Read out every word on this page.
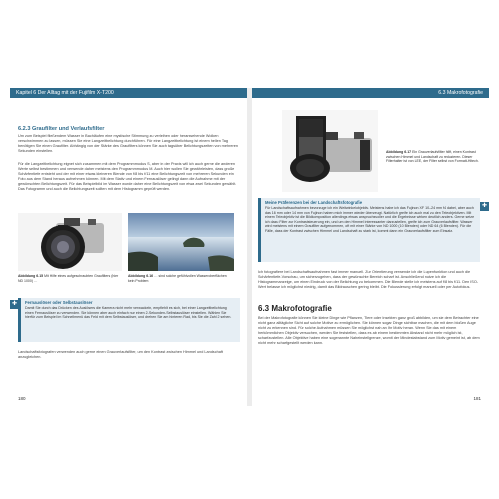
Kapitel 6 Der Alltag mit der Fujifilm X-T200
6.2.3 Graufilter und Verlaufsfilter
Um zum Beispiel fließendem Wasser in Bachläufen eine mystische Stimmung zu verleihen oder heranwehende Wolken verschwimmen zu lassen, müssen Sie eine Langzeitbelichtung durchführen. Für eine Langzeitbelichtung ist einem hellen Tag benötigen Sie einen Graufilter. Abhängig von der Stärke des Graufilters können Sie auch tagsüber Belichtungszeiten von mehreren Sekunden einstellen.
Für die Langzeitbelichtung eignet sich zusammen mit dem Programmmodus S, aber in der Praxis will ich auch gerne die anderen Werte selbst bestimmen und verwende daher meistens den Programmmodus M. Auch hier wollen Sie gewährleisten, dass große Schärfentiefe entsteht und der mit einer etwas kleineren Blende von f/8 bis f/11 eine Belichtungszeit von mehreren Sekunden ein Foto aus dem Stand heraus aufnehmen können. Mit dem Stativ und einem Fernauslöser gelingt dann die Aufnahme mit der gewünschten Belichtungszeit. Für das Beispielbild im Wasser wurde daher eine Belichtungszeit von etwa zwei Sekunden gewählt. Das Fotogramm und auch die Belichtungszeit sollten mit dem Histogramm geprüft werden.
Abbildung 6.15 Mit Hilfe eines aufgeschraubten Graufilters (hier ND 1000) …
Abbildung 6.16 … sind solche gefühlvollen Wasseroberflächen kein Problem
✚	Fernauslöser oder Selbstauslöser
Damit Sie durch das Drücken des Auslösers die Kamera nicht mehr verwackeln, empfiehlt es sich, bei einer Langzeitbelichtung einen Fernauslöser zu verwenden. Sie können aber auch einfach nur einen 2-Sekunden-Selbstauslöser einstellen. Wählen Sie hierfür zum Beispiel im Schnellmenü das Feld mit dem Selbstauslöser, und drehen Sie am hinteren Rad, bis Sie die Zahl 2 sehen.
Landschaftsfotografen verwenden auch gerne einen Grauverlaufsfilter, um den Kontrast zwischen Himmel und Landschaft anzugleichen.
180
6.3 Makrofotografie
Abbildung 6.17 Ein Grauverlaufsfilter hilft, einen Kontrast zwischen Himmel und Landschaft zu reduzieren. Dieser Filterhalter ist von LEE, der Filter selbst von Formatt-Hitech.
✚
Meine Präferenzen bei der Landschaftsfotografie
Für Landschaftsaufnahmen bevorzuge ich ein Weitwinkelobjektiv. Meistens habe ich das Fujinon XF 10–24 mm f4 dabei, aber auch das 16 mm oder 14 mm von Fujinon haben mich immer wieder überzeugt. Natürlich greife ich auch mal zu den Teleobjektiven. Mit einem Teleobjektiv ist die Bildkomposition allerdings etwas anspruchsvoller und die Ergebnisse wirken deutlich anders. Gerne setze ich dazu Filter zur Kontraststeuerung ein, und um den Himmel interessanter darzustellen, greife ich zum Grauverlaufsfilter. Wasser wird meistens mit einem Graufilter aufgenommen, oft mit einer Stärke von ND 1000 (10 Blenden) oder ND 64 (6 Blenden). Für die Fälle, dass der Kontrast zwischen Himmel und Landschaft zu stark ist, kommt dann ein Grauverlaufsfilter zum Einsatz.
Ich fotografiere bei Landschaftsaufnahmen fast immer manuell. Zur Orientierung verwende ich die Lupenfunktion und auch die Schärfentiefe-Vorschau, um sicherzugehen, dass der gewünschte Bereich scharf ist. Anschließend nutze ich die Histogrammanzeige, um einen Eindruck von der Belichtung zu bekommen. Die Blende stelle ich meistens auf f/8 bis f/11. Den ISO-Wert belasse ich möglichst niedrig, damit das Bildrauschen gering bleibt. Die Fokussierung erfolgt manuell oder per Autofokus.
6.3 Makrofotografie
Bei der Makrofotografie können Sie kleine Dinge wie Pflanzen, Tiere oder Insekten ganz groß abbilden, um sie dem Betrachter eine nicht ganz alltägliche Sicht auf solche Motive zu ermöglichen. Sie können sogar Dinge sichtbar machen, die mit dem bloßen Auge nicht zu erkennen sind. Für solche Aufnahmen müssen Sie möglichst nah an Ihr Motiv heran. Wenn Sie das mit einem herkömmlichen Objektiv versuchen, werden Sie feststellen, dass es ab einem bestimmten Abstand nicht mehr möglich ist, scharfzustellen. Alle Objektive haben eine sogenannte Naheinstellgrenze, womit der Mindestabstand zum Motiv gemeint ist, ab dem nicht mehr scharfgestellt werden kann.
181
